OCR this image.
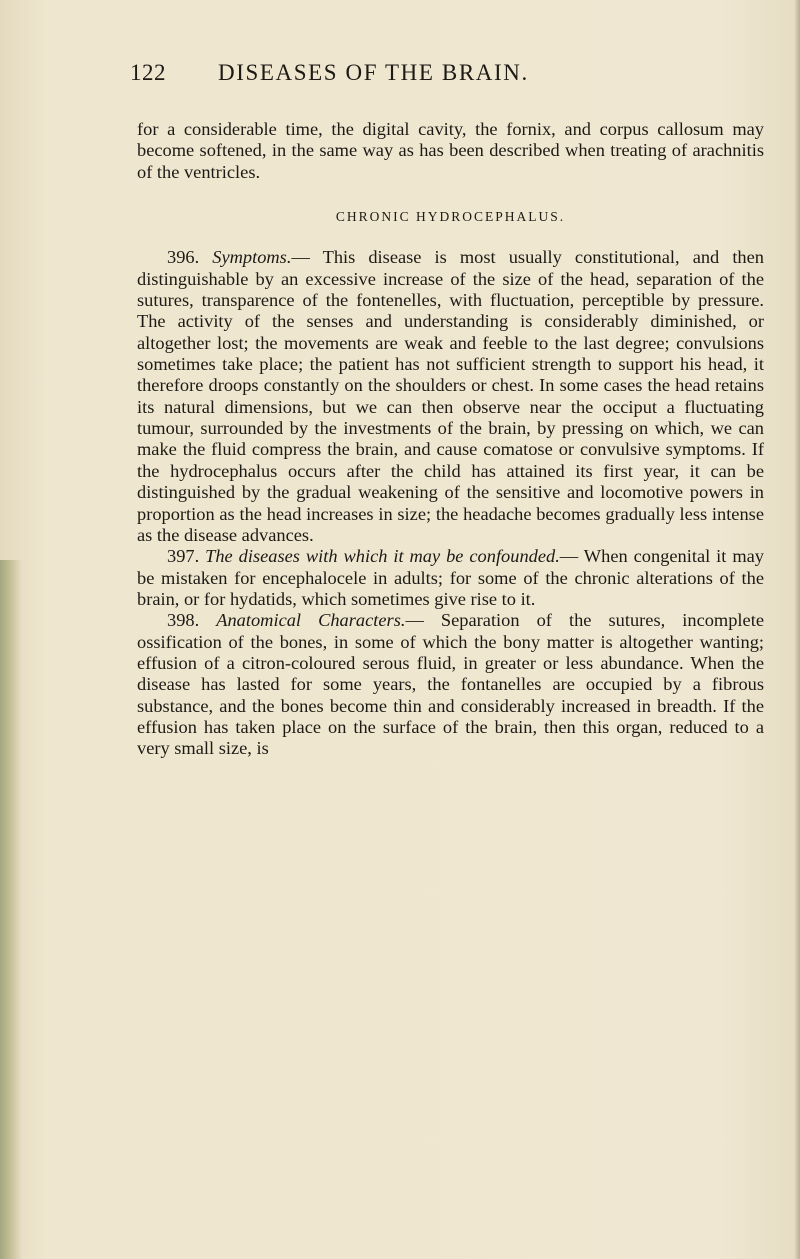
122 DISEASES OF THE BRAIN.

for a considerable time, the digital cavity, the fornix, and corpus callosum may become softened, in the same way as has been described when treating of arachnitis of the ventricles.

CHRONIC HYDROCEPHALUS.

396. Symptoms.— This disease is most usually constitutional, and then distinguishable by an excessive increase of the size of the head, separation of the sutures, transparence of the fontenelles, with fluctuation, perceptible by pressure. The activity of the senses and understanding is considerably diminished, or altogether lost; the movements are weak and feeble to the last degree; convulsions sometimes take place; the patient has not sufficient strength to support his head, it therefore droops constantly on the shoulders or chest. In some cases the head retains its natural dimensions, but we can then observe near the occiput a fluctuating tumour, surrounded by the investments of the brain, by pressing on which, we can make the fluid compress the brain, and cause comatose or convulsive symptoms. If the hydrocephalus occurs after the child has attained its first year, it can be distinguished by the gradual weakening of the sensitive and locomotive powers in proportion as the head increases in size; the headache becomes gradually less intense as the disease advances.

397. The diseases with which it may be confounded.— When congenital it may be mistaken for encephalocele in adults; for some of the chronic alterations of the brain, or for hydatids, which sometimes give rise to it.

398. Anatomical Characters.— Separation of the sutures, incomplete ossification of the bones, in some of which the bony matter is altogether wanting; effusion of a citron-coloured serous fluid, in greater or less abundance. When the disease has lasted for some years, the fontanelles are occupied by a fibrous substance, and the bones become thin and considerably increased in breadth. If the effusion has taken place on the surface of the brain, then this organ, reduced to a very small size, is
